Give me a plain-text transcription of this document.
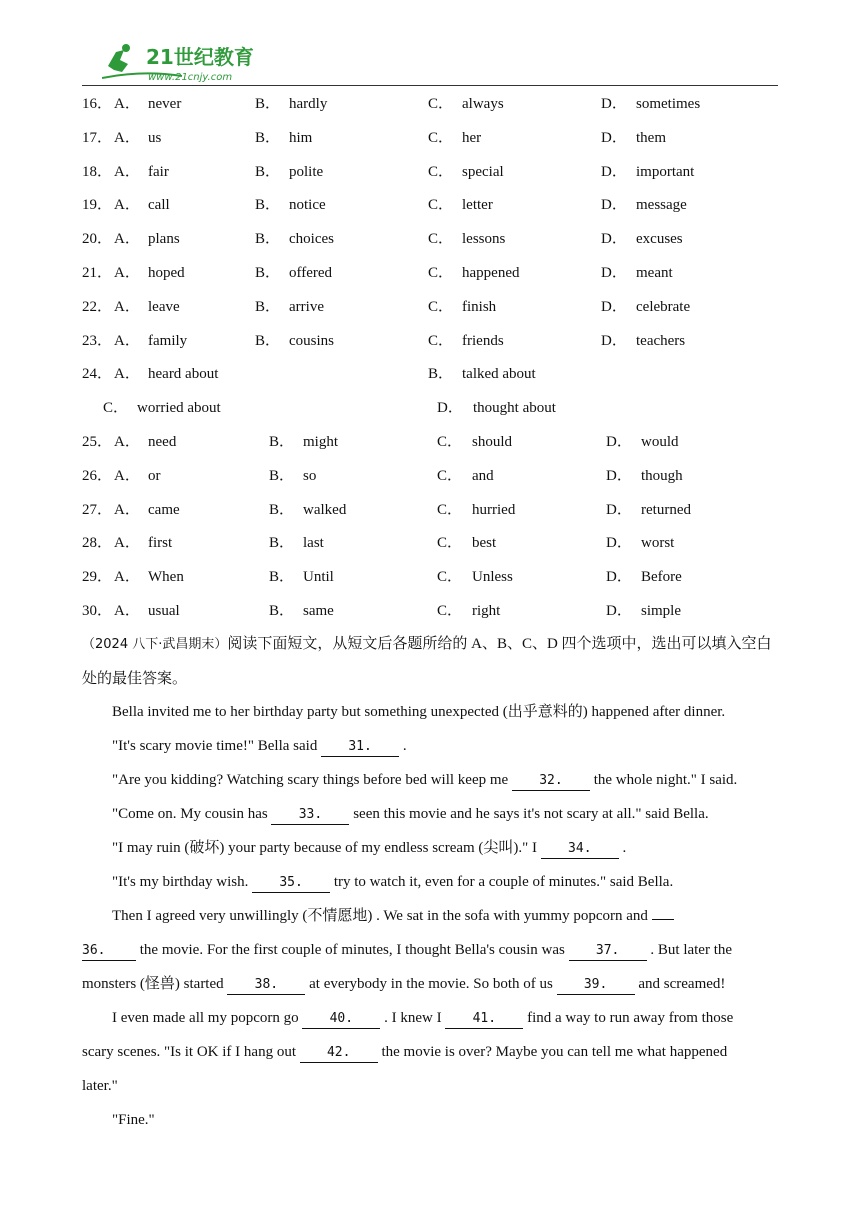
21世纪教育
www.21cnjy.com
16． A． never	B． hardly	C． always	D． sometimes
17． A． us	B． him	C． her	D． them
18． A． fair	B． polite	C． special	D． important
19． A． call	B． notice	C． letter	D． message
20． A． plans	B． choices	C． lessons	D． excuses
21． A． hoped	B． offered	C． happened	D． meant
22． A． leave	B． arrive	C． finish	D． celebrate
23． A． family	B． cousins	C． friends	D． teachers
24． A． heard about	B． talked about
C． worried about	D． thought about
25． A． need	B． might	C． should	D． would
26． A． or	B． so	C． and	D． though
27． A． came	B． walked	C． hurried	D． returned
28． A． first	B． last	C． best	D． worst
29． A． When	B． Until	C． Unless	D． Before
30． A． usual	B． same	C． right	D． simple
（2024 八下·武昌期末）阅读下面短文，从短文后各题所给的 A、B、C、D 四个选项中，选出可以填入空白处的最佳答案。
Bella invited me to her birthday party but something unexpected (出乎意料的) happened after dinner.
"It's scary movie time!" Bella said 31. .
"Are you kidding? Watching scary things before bed will keep me 32. the whole night." I said.
"Come on. My cousin has 33. seen this movie and he says it's not scary at all." said Bella.
"I may ruin (破坏) your party because of my endless scream (尖叫)." I 34. .
"It's my birthday wish. 35. try to watch it, even for a couple of minutes." said Bella.
Then I agreed very unwillingly (不情愿地) . We sat in the sofa with yummy popcorn and
36. the movie. For the first couple of minutes, I thought Bella's cousin was 37. . But later the
monsters (怪兽) started 38. at everybody in the movie. So both of us 39. and screamed!
I even made all my popcorn go 40. . I knew I 41. find a way to run away from those
scary scenes. "Is it OK if I hang out 42. the movie is over? Maybe you can tell me what happened
later."
"Fine."
